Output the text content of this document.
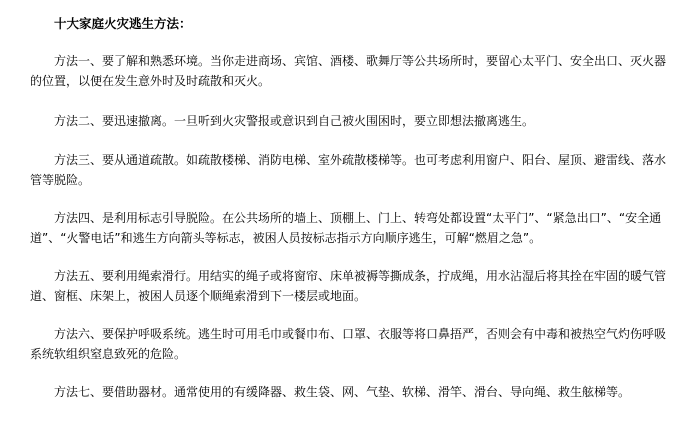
十大家庭火灾逃生方法：

方法一、要了解和熟悉环境。当你走进商场、宾馆、酒楼、歌舞厅等公共场所时，要留心太平门、安全出口、灭火器的位置，以便在发生意外时及时疏散和灭火。

方法二、要迅速撤离。一旦听到火灾警报或意识到自己被火围困时，要立即想法撤离逃生。

方法三、要从通道疏散。如疏散楼梯、消防电梯、室外疏散楼梯等。也可考虑利用窗户、阳台、屋顶、避雷线、落水管等脱险。

方法四、是利用标志引导脱险。在公共场所的墙上、顶棚上、门上、转弯处都设置“太平门”、“紧急出口”、“安全通道”、“火警电话”和逃生方向箭头等标志，被困人员按标志指示方向顺序逃生，可解“燃眉之急”。

方法五、要利用绳索滑行。用结实的绳子或将窗帘、床单被褥等撕成条，拧成绳，用水沾湿后将其拴在牢固的暖气管道、窗框、床架上，被困人员逐个顺绳索滑到下一楼层或地面。

方法六、要保护呼吸系统。逃生时可用毛巾或餐巾布、口罩、衣服等将口鼻捂严，否则会有中毒和被热空气灼伤呼吸系统软组织窒息致死的危险。

方法七、要借助器材。通常使用的有缓降器、救生袋、网、气垫、软梯、滑竿、滑台、导向绳、救生舷梯等。
